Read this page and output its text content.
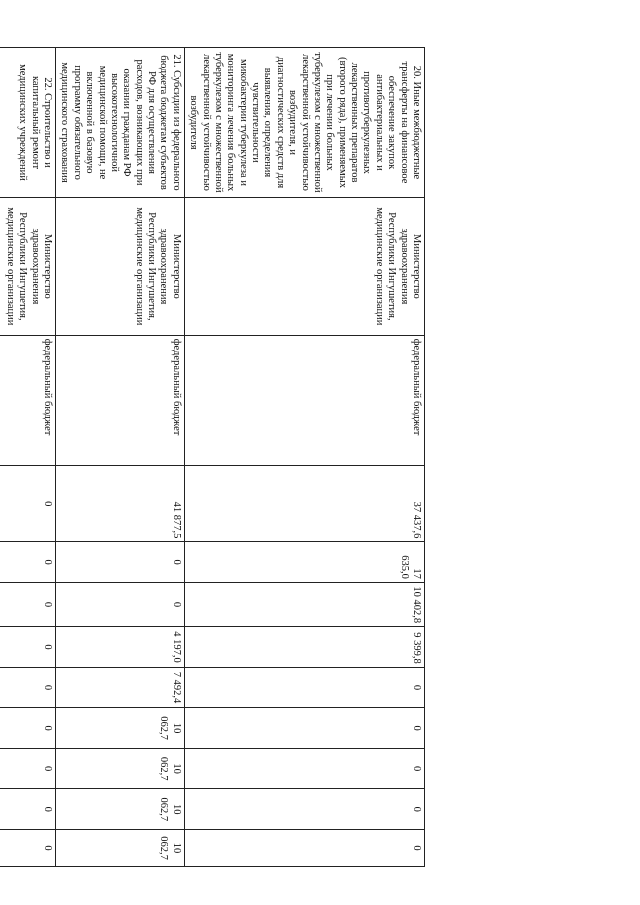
20. Иные межбюджетные трансферты на финансовое обеспечение закупок антибактериальных и противотуберкулезных лекарственных препаратов (второго ряда), применяемых при лечении больных туберкулезом с множественной лекарственной устойчивостью возбудителя, и диагностических средств для выявления, определения чувствительности микобактерии туберкулеза и мониторинга лечения больных туберкулезом с множественной лекарственной устойчивостью возбудителя	Министерство здравоохранения Республики Ингушетия, медицинские организации	федеральный бюджет	37 437,6	17 635,0	10 402,8	9 399,8	0	0	0	0	0
21. Субсидии из федерального бюджета бюджетам субъектов РФ для осуществления расходов, возникающих при оказании гражданам РФ высокотехнологичной медицинской помощи, не включенной в базовую программу обязательного медицинского страхования	Министерство здравоохранения Республики Ингушетия, медицинские организации	федеральный бюджет	41 877,5	0	0	4 197,0	7 492,4	10 062,7	10 062,7	10 062,7	10 062,7
22. Строительство и капитальный ремонт медицинских учреждений	Министерство здравоохранения Республики Ингушетия, медицинские организации	федеральный бюджет	0	0	0	0	0	0	0	0	0
